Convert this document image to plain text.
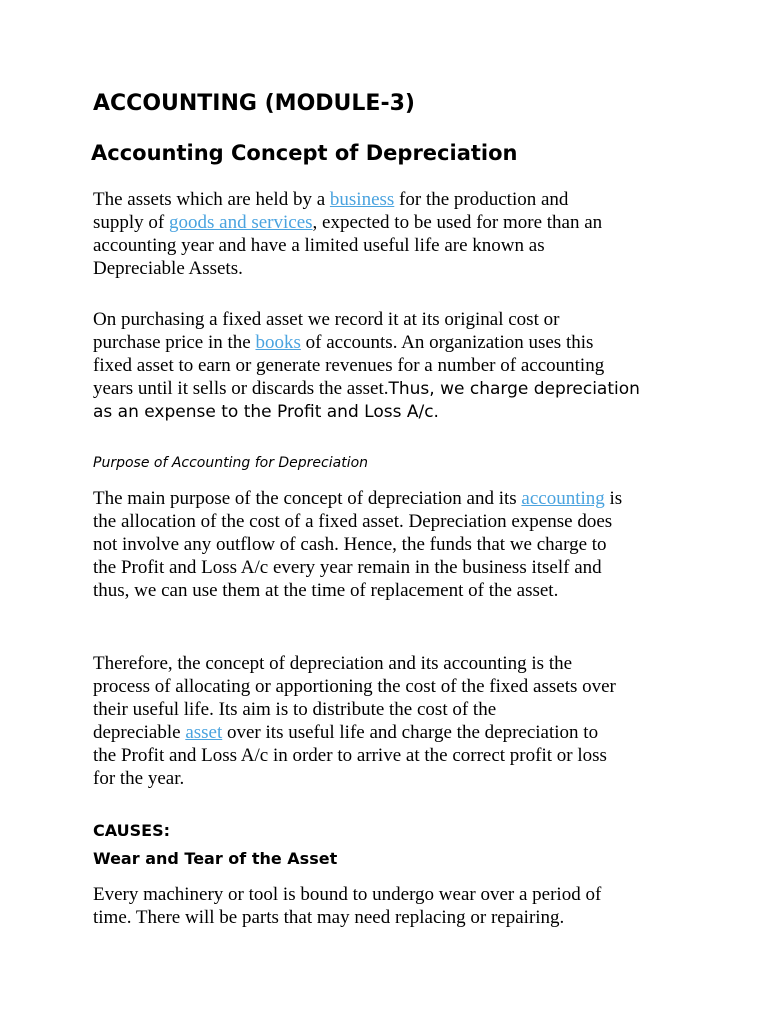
ACCOUNTING (MODULE-3)
Accounting Concept of Depreciation

The assets which are held by a business for the production and
supply of goods and services, expected to be used for more than an
accounting year and have a limited useful life are known as
Depreciable Assets.

On purchasing a fixed asset we record it at its original cost or
purchase price in the books of accounts. An organization uses this
fixed asset to earn or generate revenues for a number of accounting
years until it sells or discards the asset.Thus, we charge depreciation
as an expense to the Profit and Loss A/c.

Purpose of Accounting for Depreciation

The main purpose of the concept of depreciation and its accounting is
the allocation of the cost of a fixed asset. Depreciation expense does
not involve any outflow of cash. Hence, the funds that we charge to
the Profit and Loss A/c every year remain in the business itself and
thus, we can use them at the time of replacement of the asset.

Therefore, the concept of depreciation and its accounting is the
process of allocating or apportioning the cost of the fixed assets over
their useful life. Its aim is to distribute the cost of the
depreciable asset over its useful life and charge the depreciation to
the Profit and Loss A/c in order to arrive at the correct profit or loss
for the year.

CAUSES:
Wear and Tear of the Asset

Every machinery or tool is bound to undergo wear over a period of
time. There will be parts that may need replacing or repairing.
